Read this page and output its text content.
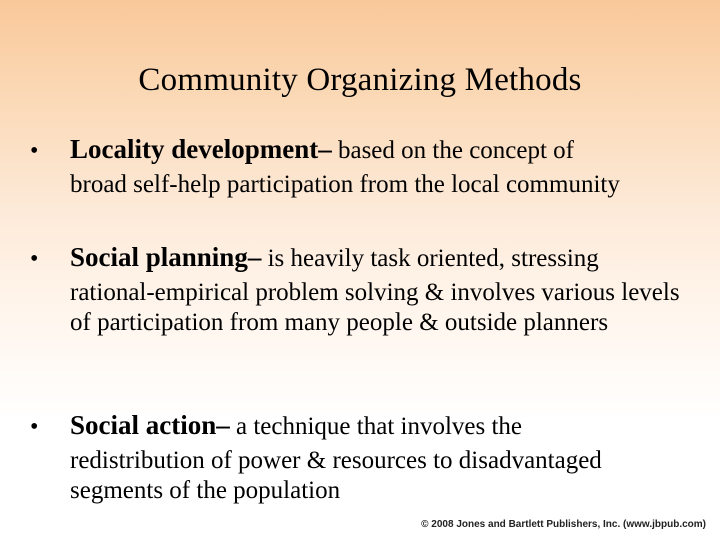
Community Organizing Methods
•	Locality development– based on the concept of
broad self-help participation from the local community
•	Social planning– is heavily task oriented, stressing
rational-empirical problem solving & involves various levels of participation from many people & outside planners
•	Social action– a technique that involves the
redistribution of power & resources to disadvantaged segments of the population
© 2008 Jones and Bartlett Publishers, Inc. (www.jbpub.com)
